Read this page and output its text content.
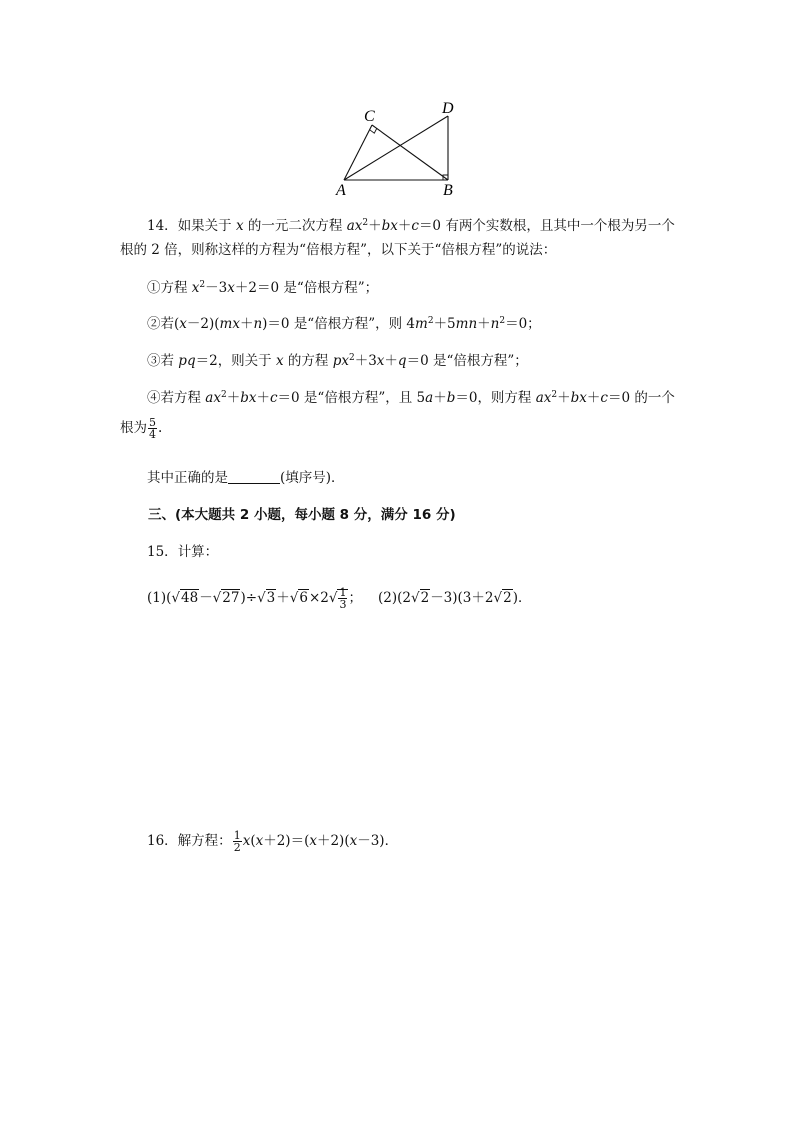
C	D
A	B
14．如果关于 x 的一元二次方程 $ax^2+bx+c=0$ 有两个实数根，且其中一个根为另一个
根的 2 倍，则称这样的方程为“倍根方程”，以下关于“倍根方程”的说法：
①方程 $x^2-3x+2=0$ 是“倍根方程”；
②若(x－2)(mx＋n)＝0 是“倍根方程”，则 $4m^2+5mn+n^2=0$；
③若 pq＝2，则关于 x 的方程 $px^2+3x+q=0$ 是“倍根方程”；
④若方程 $ax^2+bx+c=0$ 是“倍根方程”，且 5a＋b＝0，则方程 $ax^2+bx+c=0$ 的一个
根为 $\frac{5}{4}$ .
其中正确的是	(填序号)．
三、(本大题共 2 小题，每小题 8 分，满分 16 分)
15．计算：
$(1)(√48-√27)\div√3+√6\times 2√ \frac{1}{3}$ ； (2)(2√2－3)(3＋2√2)．
16．解方程： $\frac{1}{2} x(x+2)=(x+2)(x-3)$．
